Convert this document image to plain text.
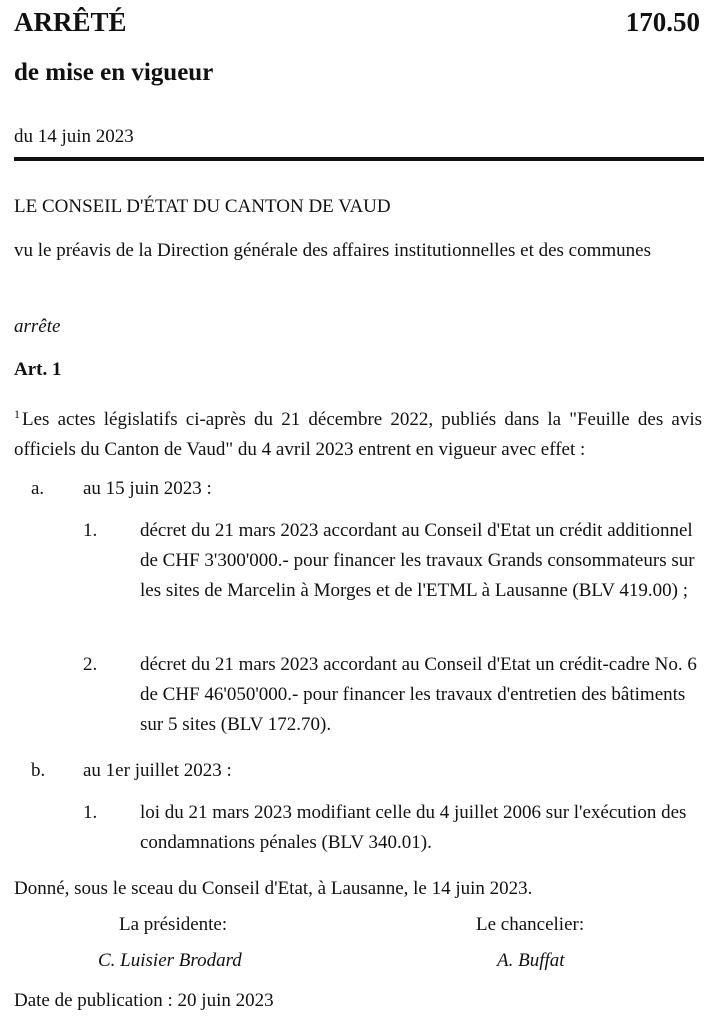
ARRÊTÉ	170.50
de mise en vigueur
du 14 juin 2023
LE CONSEIL D'ÉTAT DU CANTON DE VAUD
vu le préavis de la Direction générale des affaires institutionnelles et des communes
arrête
Art. 1
$^1$ Les actes législatifs ci-après du 21 décembre 2022, publiés dans la "Feuille des avis officiels du Canton de Vaud" du 4 avril 2023 entrent en vigueur avec effet :
a. au 15 juin 2023 :
1. décret du 21 mars 2023 accordant au Conseil d'Etat un crédit additionnel de CHF 3'300'000.- pour financer les travaux Grands consommateurs sur les sites de Marcelin à Morges et de l'ETML à Lausanne (BLV 419.00) ;
2. décret du 21 mars 2023 accordant au Conseil d'Etat un crédit-cadre No. 6 de CHF 46'050'000.- pour financer les travaux d'entretien des bâtiments sur 5 sites (BLV 172.70).
b. au 1er juillet 2023 :
1. loi du 21 mars 2023 modifiant celle du 4 juillet 2006 sur l'exécution des condamnations pénales (BLV 340.01).
Donné, sous le sceau du Conseil d'Etat, à Lausanne, le 14 juin 2023.
La présidente:	Le chancelier:
C. Luisier Brodard	A. Buffat
Date de publication : 20 juin 2023
